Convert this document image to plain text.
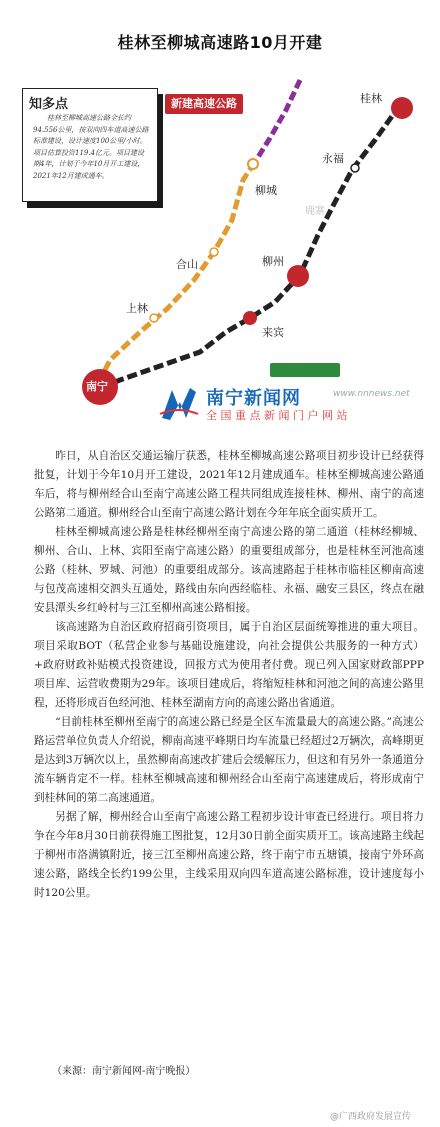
桂林至柳城高速路10月开建
知多点
桂林至柳城高速公路全长约94.556公里，按双向四车道高速公路标准建设，设计速度100公里/小时。项目估算投资119.4亿元。项目建设期4年，计划于今年10月开工建设，2021年12月建成通车。
新建高速公路
现有高速公路
桂林
永福
鹿寨
柳城
柳州
合山
来宾
上林
南宁
南宁新闻网	www.nnnews.net
全国重点新闻门户网站

昨日，从自治区交通运输厅获悉，桂林至柳城高速公路项目初步设计已经获得批复，计划于今年10月开工建设，2021年12月建成通车。桂林至柳城高速公路通车后，将与柳州经合山至南宁高速公路工程共同组成连接桂林、柳州、南宁的高速公路第二通道。柳州经合山至南宁高速公路计划在今年年底全面实质开工。

桂林至柳城高速公路是桂林经柳州至南宁高速公路的第二通道（桂林经柳城、柳州、合山、上林、宾阳至南宁高速公路）的重要组成部分，也是桂林至河池高速公路（桂林、罗城、河池）的重要组成部分。该高速路起于桂林市临桂区柳南高速与包茂高速相交泗头互通处，路线由东向西经临桂、永福、融安三县区，终点在融安县潭头乡红岭村与三江至柳州高速公路相接。

该高速路为自治区政府招商引资项目，属于自治区层面统筹推进的重大项目。项目采取BOT（私营企业参与基础设施建设，向社会提供公共服务的一种方式）+政府财政补贴模式投资建设，回报方式为使用者付费。现已列入国家财政部PPP项目库、运营收费期为29年。该项目建成后，将缩短桂林和河池之间的高速公路里程，还将形成百色经河池、桂林至湖南方向的高速公路出省通道。

“目前桂林至柳州至南宁的高速公路已经是全区车流量最大的高速公路。”高速公路运营单位负责人介绍说，柳南高速平峰期日均车流量已经超过2万辆次，高峰期更是达到3万辆次以上，虽然柳南高速改扩建后会缓解压力，但这和有另外一条通道分流车辆肯定不一样。桂林至柳城高速和柳州经合山至南宁高速建成后，将形成南宁到桂林间的第二高速通道。

另据了解，柳州经合山至南宁高速公路工程初步设计审查已经进行。项目将力争在今年8月30日前获得施工图批复，12月30日前全面实质开工。该高速路主线起于柳州市洛满镇附近，接三江至柳州高速公路，终于南宁市五塘镇，接南宁外环高速公路，路线全长约199公里，主线采用双向四车道高速公路标准，设计速度每小时120公里。

（来源：南宁新闻网-南宁晚报）
@广西政府发展宣传
